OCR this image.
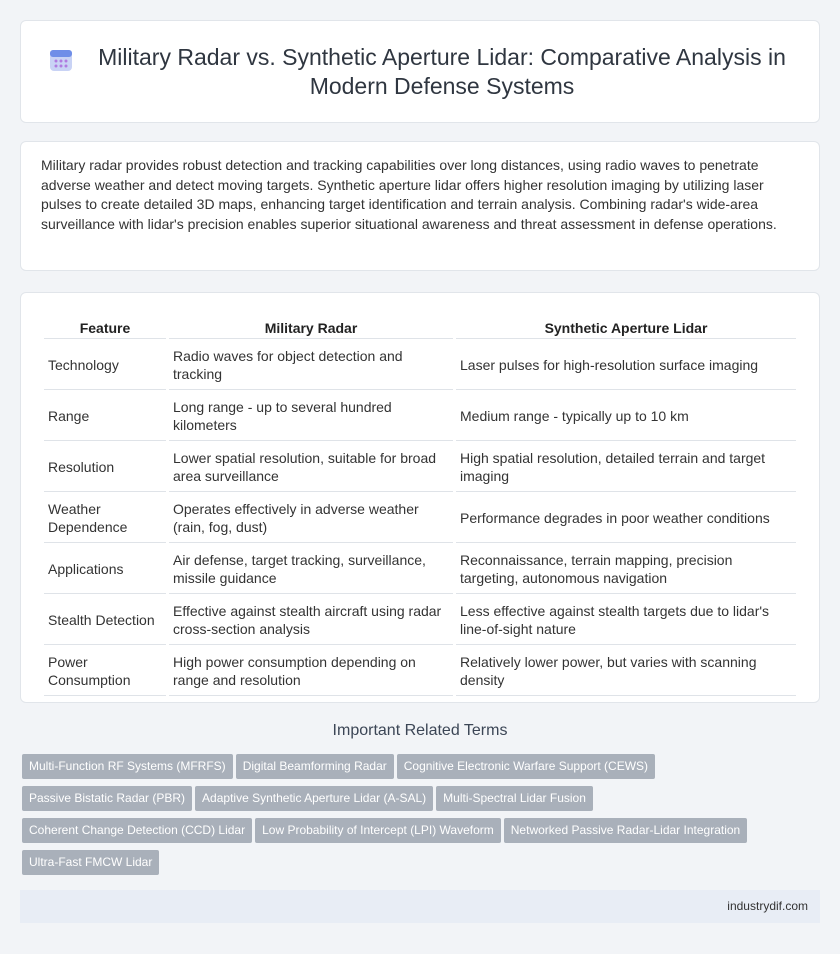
Military Radar vs. Synthetic Aperture Lidar: Comparative Analysis in Modern Defense Systems

Military radar provides robust detection and tracking capabilities over long distances, using radio waves to penetrate adverse weather and detect moving targets. Synthetic aperture lidar offers higher resolution imaging by utilizing laser pulses to create detailed 3D maps, enhancing target identification and terrain analysis. Combining radar's wide-area surveillance with lidar's precision enables superior situational awareness and threat assessment in defense operations.

Feature	Military Radar	Synthetic Aperture Lidar
Technology	Radio waves for object detection and tracking	Laser pulses for high-resolution surface imaging
Range	Long range - up to several hundred kilometers	Medium range - typically up to 10 km
Resolution	Lower spatial resolution, suitable for broad area surveillance	High spatial resolution, detailed terrain and target imaging
Weather Dependence	Operates effectively in adverse weather (rain, fog, dust)	Performance degrades in poor weather conditions
Applications	Air defense, target tracking, surveillance, missile guidance	Reconnaissance, terrain mapping, precision targeting, autonomous navigation
Stealth Detection	Effective against stealth aircraft using radar cross-section analysis	Less effective against stealth targets due to lidar's line-of-sight nature
Power Consumption	High power consumption depending on range and resolution	Relatively lower power, but varies with scanning density
Important Related Terms
Multi-Function RF Systems (MFRFS) Digital Beamforming Radar Cognitive Electronic Warfare Support (CEWS)
Passive Bistatic Radar (PBR) Adaptive Synthetic Aperture Lidar (A-SAL) Multi-Spectral Lidar Fusion
Coherent Change Detection (CCD) Lidar Low Probability of Intercept (LPI) Waveform Networked Passive Radar-Lidar Integration
Ultra-Fast FMCW Lidar
industrydif.com
